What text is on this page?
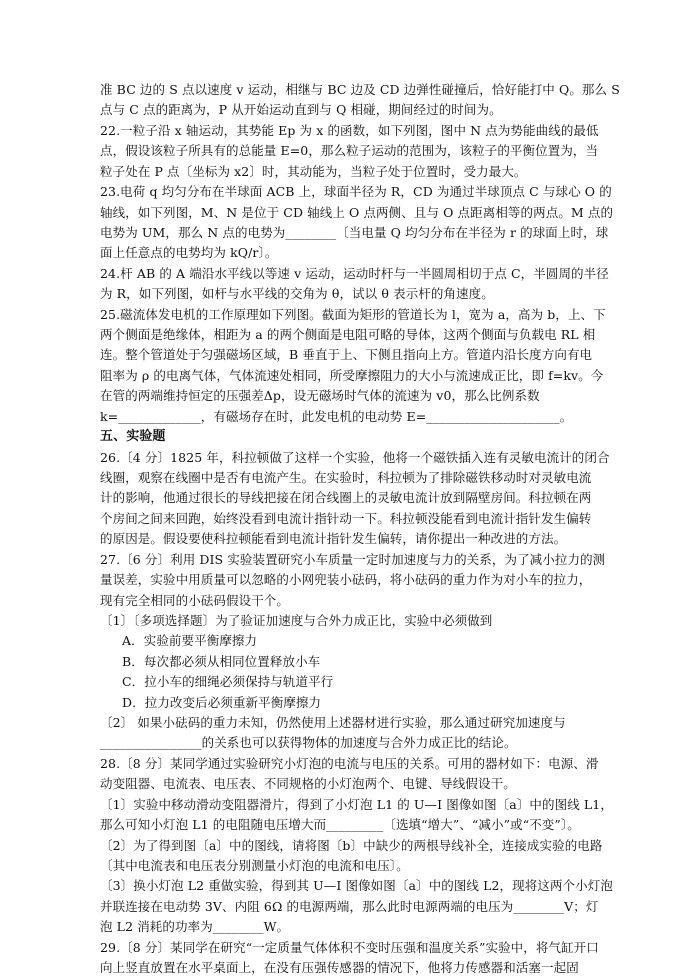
准 BC 边的 S 点以速度 v 运动，相继与 BC 边及 CD 边弹性碰撞后，恰好能打中 Q。那么 S
点与 C 点的距离为，P 从开始运动直到与 Q 相碰，期间经过的时间为。
22.一粒子沿 x 轴运动，其势能 Ep 为 x 的函数，如下列图，图中 N 点为势能曲线的最低
点，假设该粒子所具有的总能量 E=0，那么粒子运动的范围为，该粒子的平衡位置为，当
粒子处在 P 点〔坐标为 x2〕时，其动能为，当粒子处于位置时，受力最大。
23.电荷 q 均匀分布在半球面 ACB 上，球面半径为 R，CD 为通过半球顶点 C 与球心 O 的
轴线，如下列图，M、N 是位于 CD 轴线上 O 点两侧、且与 O 点距离相等的两点。M 点的
电势为 UM，那么 N 点的电势为________〔当电量 Q 均匀分布在半径为 r 的球面上时，球
面上任意点的电势均为 kQ/r〕。
24.杆 AB 的 A 端沿水平线以等速 v 运动，运动时杆与一半圆周相切于点 C，半圆周的半径
为 R，如下列图，如杆与水平线的交角为 θ，试以 θ 表示杆的角速度。
25.磁流体发电机的工作原理如下列图。截面为矩形的管道长为 l，宽为 a，高为 b，上、下
两个侧面是绝缘体，相距为 a 的两个侧面是电阻可略的导体，这两个侧面与负载电 RL 相
连。整个管道处于匀强磁场区域，B 垂直于上、下侧且指向上方。管道内沿长度方向有电
阻率为 ρ 的电离气体，气体流速处相同，所受摩擦阻力的大小与流速成正比，即 f=kv。今
在管的两端维持恒定的压强差Δp，设无磁场时气体的流速为 v0，那么比例系数
k=_____________，有磁场存在时，此发电机的电动势 E=_____________________。
五、实验题
26.〔4 分〕1825 年，科拉顿做了这样一个实验，他将一个磁铁插入连有灵敏电流计的闭合
线圈，观察在线圈中是否有电流产生。在实验时，科拉顿为了排除磁铁移动时对灵敏电流
计的影响，他通过很长的导线把接在闭合线圈上的灵敏电流计放到隔壁房间。科拉顿在两
个房间之间来回跑，始终没看到电流计指针动一下。科拉顿没能看到电流计指针发生偏转
的原因是。假设要使科拉顿能看到电流计指针发生偏转，请你提出一种改进的方法。
27.〔6 分〕利用 DIS 实验装置研究小车质量一定时加速度与力的关系，为了减小拉力的测
量误差，实验中用质量可以忽略的小网兜装小砝码，将小砝码的重力作为对小车的拉力，
现有完全相同的小砝码假设干个。
〔1〕〔多项选择题〕为了验证加速度与合外力成正比，实验中必须做到
A．实验前要平衡摩擦力
B．每次都必须从相同位置释放小车
C．拉小车的细绳必须保持与轨道平行
D．拉力改变后必须重新平衡摩擦力
〔2〕 如果小砝码的重力未知，仍然使用上述器材进行实验，那么通过研究加速度与
________________的关系也可以获得物体的加速度与合外力成正比的结论。
28.〔8 分〕某同学通过实验研究小灯泡的电流与电压的关系。可用的器材如下：电源、滑
动变阻器、电流表、电压表、不同规格的小灯泡两个、电键、导线假设干。
〔1〕实验中移动滑动变阻器滑片，得到了小灯泡 L1 的 U—I 图像如图〔a〕中的图线 L1，
那么可知小灯泡 L1 的电阻随电压增大而_________〔选填“增大”、“减小”或“不变”〕。
〔2〕为了得到图〔a〕中的图线，请将图〔b〕中缺少的两根导线补全，连接成实验的电路
〔其中电流表和电压表分别测量小灯泡的电流和电压〕。
〔3〕换小灯泡 L2 重做实验，得到其 U—I 图像如图〔a〕中的图线 L2，现将这两个小灯泡
并联连接在电动势 3V、内阻 6Ω 的电源两端，那么此时电源两端的电压为________V；灯
泡 L2 消耗的功率为________W。
29.〔8 分〕某同学在研究“一定质量气体体积不变时压强和温度关系”实验中，将气缸开口
向上竖直放置在水平桌面上，在没有压强传感器的情况下，他将力传感器和活塞一起固
